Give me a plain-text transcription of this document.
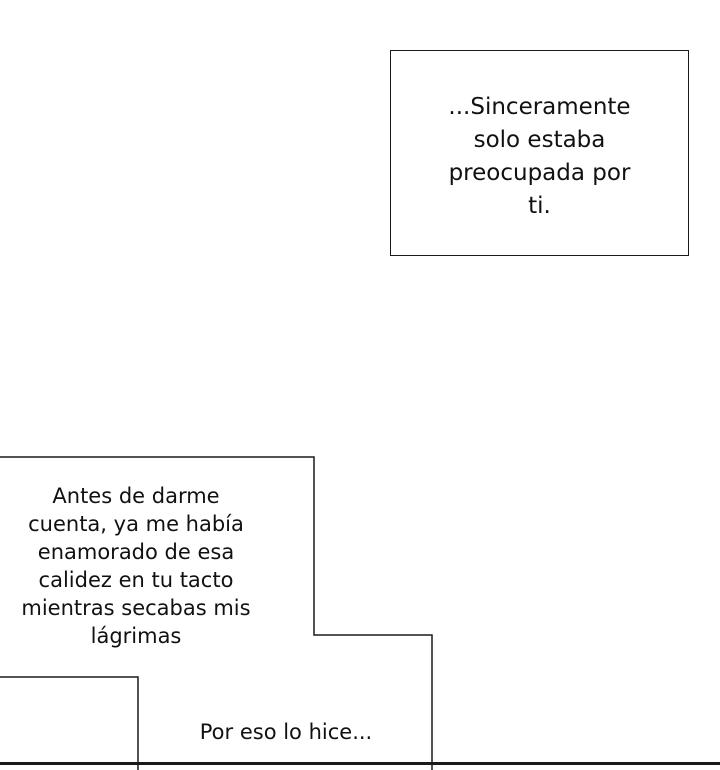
...Sinceramente
solo estaba
preocupada por
ti.
Antes de darme
cuenta, ya me había
enamorado de esa
calidez en tu tacto
mientras secabas mis
lágrimas
Por eso lo hice...
